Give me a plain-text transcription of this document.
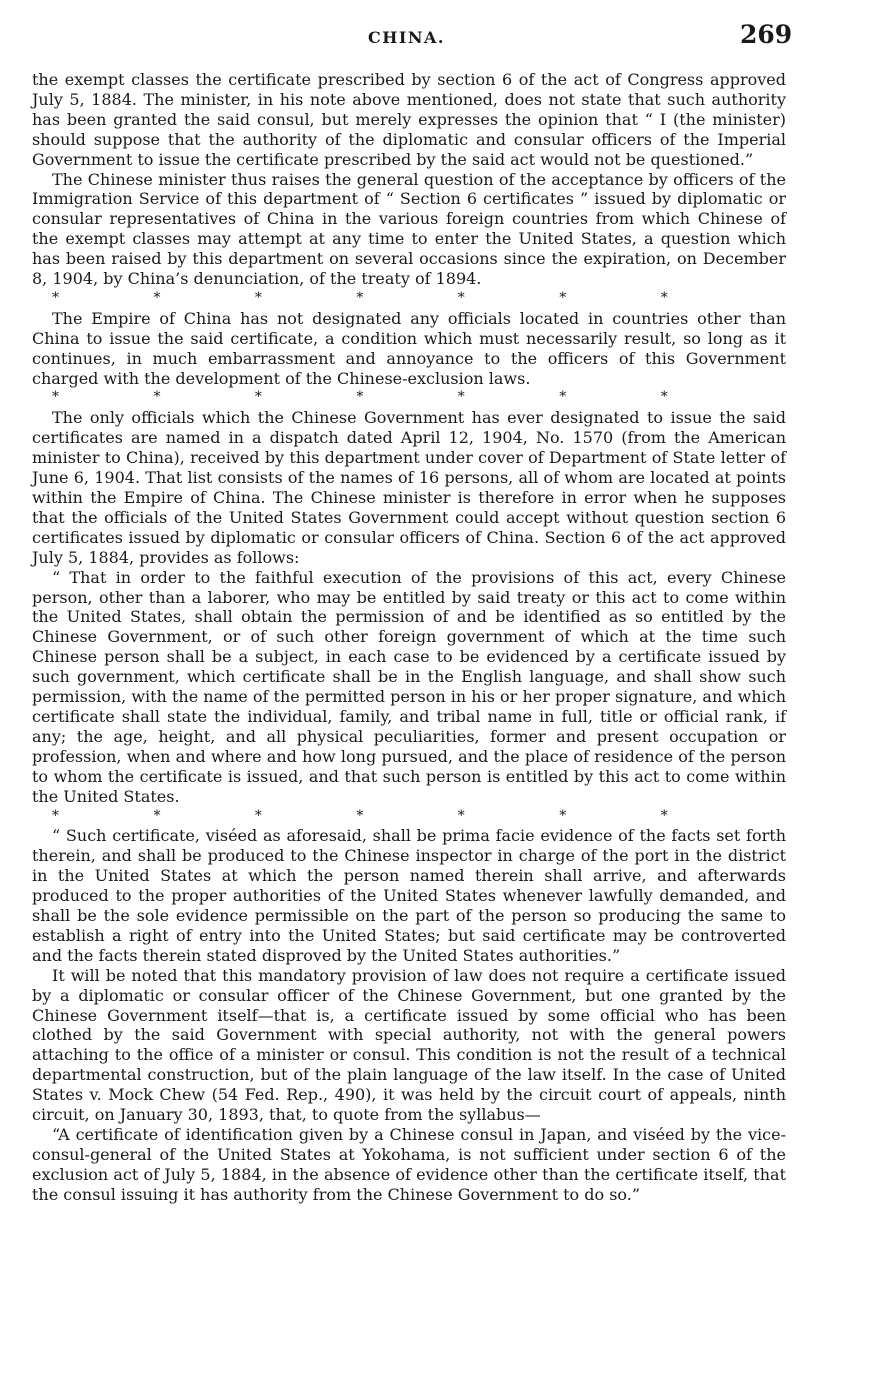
CHINA.	269

the exempt classes the certificate prescribed by section 6 of the act of Congress approved July 5, 1884. The minister, in his note above mentioned, does not state that such authority has been granted the said consul, but merely expresses the opinion that “ I (the minister) should suppose that the authority of the diplomatic and consular officers of the Imperial Government to issue the certificate prescribed by the said act would not be questioned.”

The Chinese minister thus raises the general question of the acceptance by officers of the Immigration Service of this department of “ Section 6 certificates ” issued by diplomatic or consular representatives of China in the various foreign countries from which Chinese of the exempt classes may attempt at any time to enter the United States, a question which has been raised by this department on several occasions since the expiration, on December 8, 1904, by China’s denunciation, of the treaty of 1894.

* * * * * * *

The Empire of China has not designated any officials located in countries other than China to issue the said certificate, a condition which must necessarily result, so long as it continues, in much embarrassment and annoyance to the officers of this Government charged with the development of the Chinese-exclusion laws.

* * * * * * *

The only officials which the Chinese Government has ever designated to issue the said certificates are named in a dispatch dated April 12, 1904, No. 1570 (from the American minister to China), received by this department under cover of Department of State letter of June 6, 1904. That list consists of the names of 16 persons, all of whom are located at points within the Empire of China. The Chinese minister is therefore in error when he supposes that the officials of the United States Government could accept without question section 6 certificates issued by diplomatic or consular officers of China. Section 6 of the act approved July 5, 1884, provides as follows:

“ That in order to the faithful execution of the provisions of this act, every Chinese person, other than a laborer, who may be entitled by said treaty or this act to come within the United States, shall obtain the permission of and be identified as so entitled by the Chinese Government, or of such other foreign government of which at the time such Chinese person shall be a subject, in each case to be evidenced by a certificate issued by such government, which certificate shall be in the English language, and shall show such permission, with the name of the permitted person in his or her proper signature, and which certificate shall state the individual, family, and tribal name in full, title or official rank, if any; the age, height, and all physical peculiarities, former and present occupation or profession, when and where and how long pursued, and the place of residence of the person to whom the certificate is issued, and that such person is entitled by this act to come within the United States.

* * * * * * *

“ Such certificate, viséed as aforesaid, shall be prima facie evidence of the facts set forth therein, and shall be produced to the Chinese inspector in charge of the port in the district in the United States at which the person named therein shall arrive, and afterwards produced to the proper authorities of the United States whenever lawfully demanded, and shall be the sole evidence permissible on the part of the person so producing the same to establish a right of entry into the United States; but said certificate may be controverted and the facts therein stated disproved by the United States authorities.”

It will be noted that this mandatory provision of law does not require a certificate issued by a diplomatic or consular officer of the Chinese Government, but one granted by the Chinese Government itself—that is, a certificate issued by some official who has been clothed by the said Government with special authority, not with the general powers attaching to the office of a minister or consul. This condition is not the result of a technical departmental construction, but of the plain language of the law itself. In the case of United States v. Mock Chew (54 Fed. Rep., 490), it was held by the circuit court of appeals, ninth circuit, on January 30, 1893, that, to quote from the syllabus—

“A certificate of identification given by a Chinese consul in Japan, and viséed by the vice-consul-general of the United States at Yokohama, is not sufficient under section 6 of the exclusion act of July 5, 1884, in the absence of evidence other than the certificate itself, that the consul issuing it has authority from the Chinese Government to do so.”
